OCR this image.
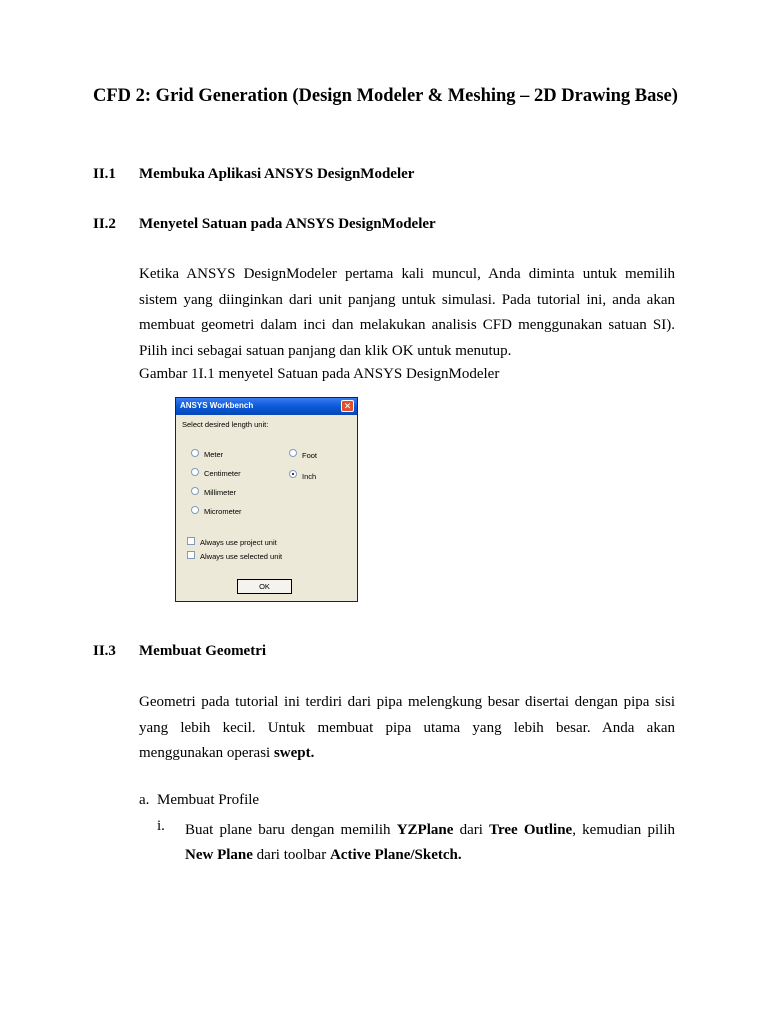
CFD 2: Grid Generation (Design Modeler & Meshing – 2D Drawing Base)
II.1 Membuka Aplikasi ANSYS DesignModeler
II.2 Menyetel Satuan pada ANSYS DesignModeler
Ketika ANSYS DesignModeler pertama kali muncul, Anda diminta untuk memilih
sistem yang diinginkan dari unit panjang untuk simulasi. Pada tutorial ini, anda akan
membuat geometri dalam inci dan melakukan analisis CFD menggunakan satuan SI).
Pilih inci sebagai satuan panjang dan klik OK untuk menutup.
Gambar 1I.1 menyetel Satuan pada ANSYS DesignModeler
ANSYS Workbench	✕
Select desired length unit:
Meter
Centimeter
Millimeter
Micrometer
Foot
Inch
Always use project unit
Always use selected unit
OK
II.3 Membuat Geometri
Geometri pada tutorial ini terdiri dari pipa melengkung besar disertai dengan pipa sisi
yang lebih kecil. Untuk membuat pipa utama yang lebih besar. Anda akan
menggunakan operasi swept.
a. Membuat Profile
i. Buat plane baru dengan memilih YZPlane dari Tree Outline, kemudian pilih New Plane dari toolbar Active Plane/Sketch.
